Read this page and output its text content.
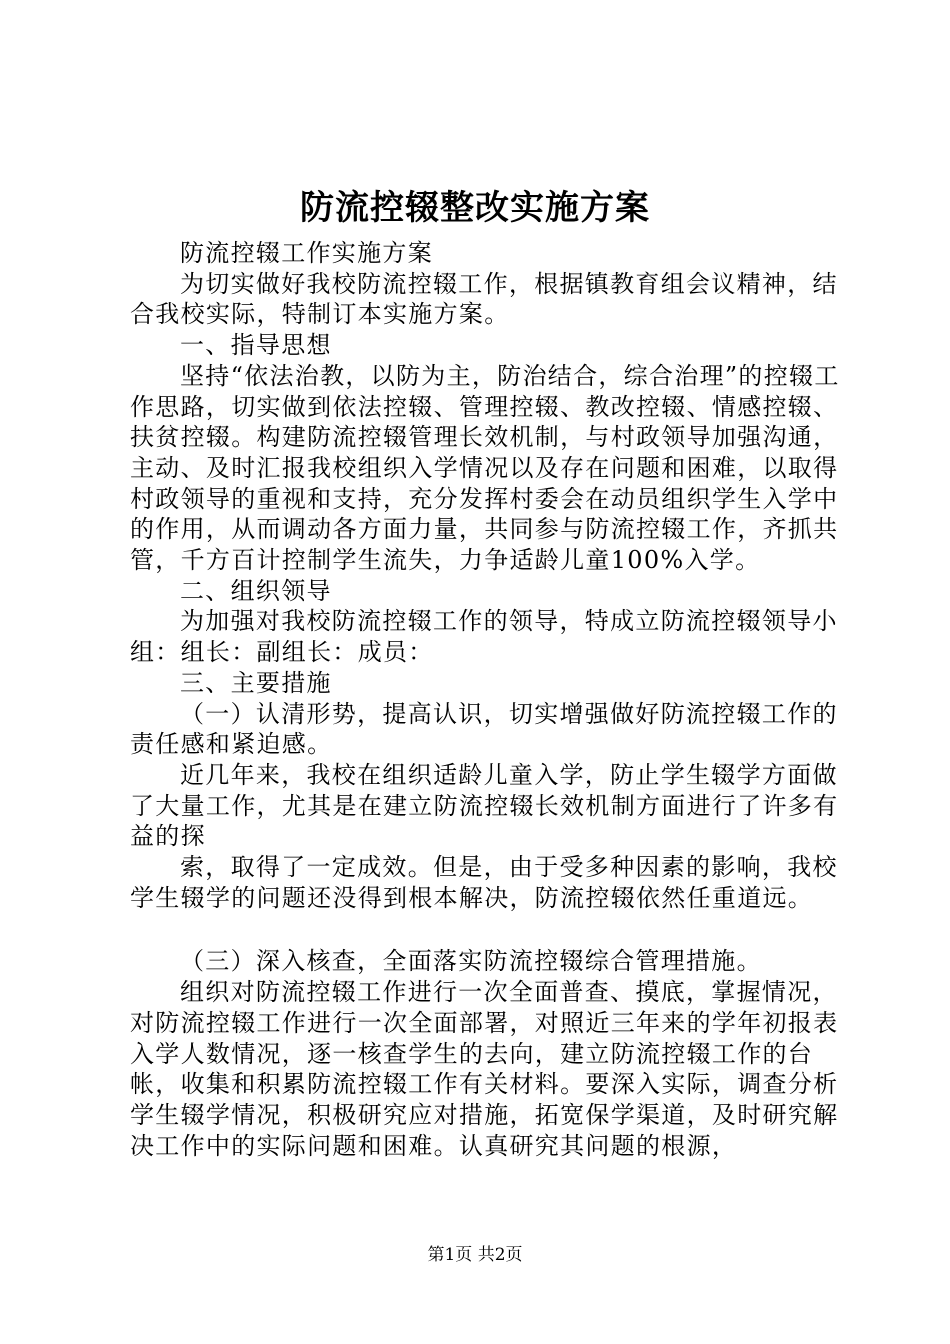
防流控辍整改实施方案

防流控辍工作实施方案

为切实做好我校防流控辍工作，根据镇教育组会议精神，结合我校实际，特制订本实施方案。

一、指导思想

坚持“依法治教，以防为主，防治结合，综合治理”的控辍工作思路，切实做到依法控辍、管理控辍、教改控辍、情感控辍、扶贫控辍。构建防流控辍管理长效机制，与村政领导加强沟通，主动、及时汇报我校组织入学情况以及存在问题和困难，以取得村政领导的重视和支持，充分发挥村委会在动员组织学生入学中的作用，从而调动各方面力量，共同参与防流控辍工作，齐抓共管，千方百计控制学生流失，力争适龄儿童100%入学。

二、组织领导

为加强对我校防流控辍工作的领导，特成立防流控辍领导小组：组长：副组长：成员：

三、主要措施

（一）认清形势，提高认识，切实增强做好防流控辍工作的责任感和紧迫感。

近几年来，我校在组织适龄儿童入学，防止学生辍学方面做了大量工作，尤其是在建立防流控辍长效机制方面进行了许多有益的探

索，取得了一定成效。但是，由于受多种因素的影响，我校学生辍学的问题还没得到根本解决，防流控辍依然任重道远。

（三）深入核查，全面落实防流控辍综合管理措施。

组织对防流控辍工作进行一次全面普查、摸底，掌握情况，对防流控辍工作进行一次全面部署，对照近三年来的学年初报表入学人数情况，逐一核查学生的去向，建立防流控辍工作的台帐，收集和积累防流控辍工作有关材料。要深入实际，调查分析学生辍学情况，积极研究应对措施，拓宽保学渠道，及时研究解决工作中的实际问题和困难。认真研究其问题的根源，

第1页 共2页
